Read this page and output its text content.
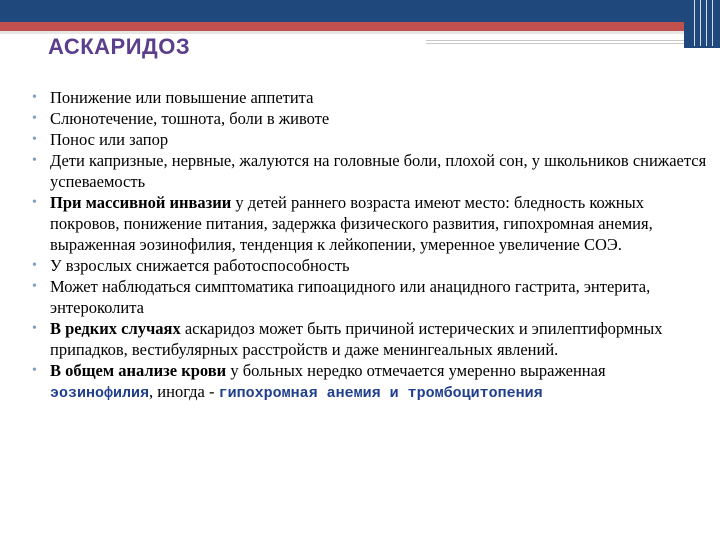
АСКАРИДОЗ
• Понижение или повышение аппетита
• Слюнотечение, тошнота, боли в животе
• Понос или запор
• Дети капризные, нервные, жалуются на головные боли, плохой сон, у школьников снижается успеваемость
• При массивной инвазии у детей раннего возраста имеют место: бледность кожных покровов, понижение питания, задержка физического развития, гипохромная анемия, выраженная эозинофилия, тенденция к лейкопении, умеренное увеличение СОЭ.
• У взрослых снижается работоспособность
• Может наблюдаться симптоматика гипоацидного или анацидного гастрита, энтерита, энтероколита
• В редких случаях аскаридоз может быть причиной истерических и эпилептиформных припадков, вестибулярных расстройств и даже менингеальных явлений.
• В общем анализе крови у больных нередко отмечается умеренно выраженная эозинофилия, иногда - гипохромная анемия и тромбоцитопения
